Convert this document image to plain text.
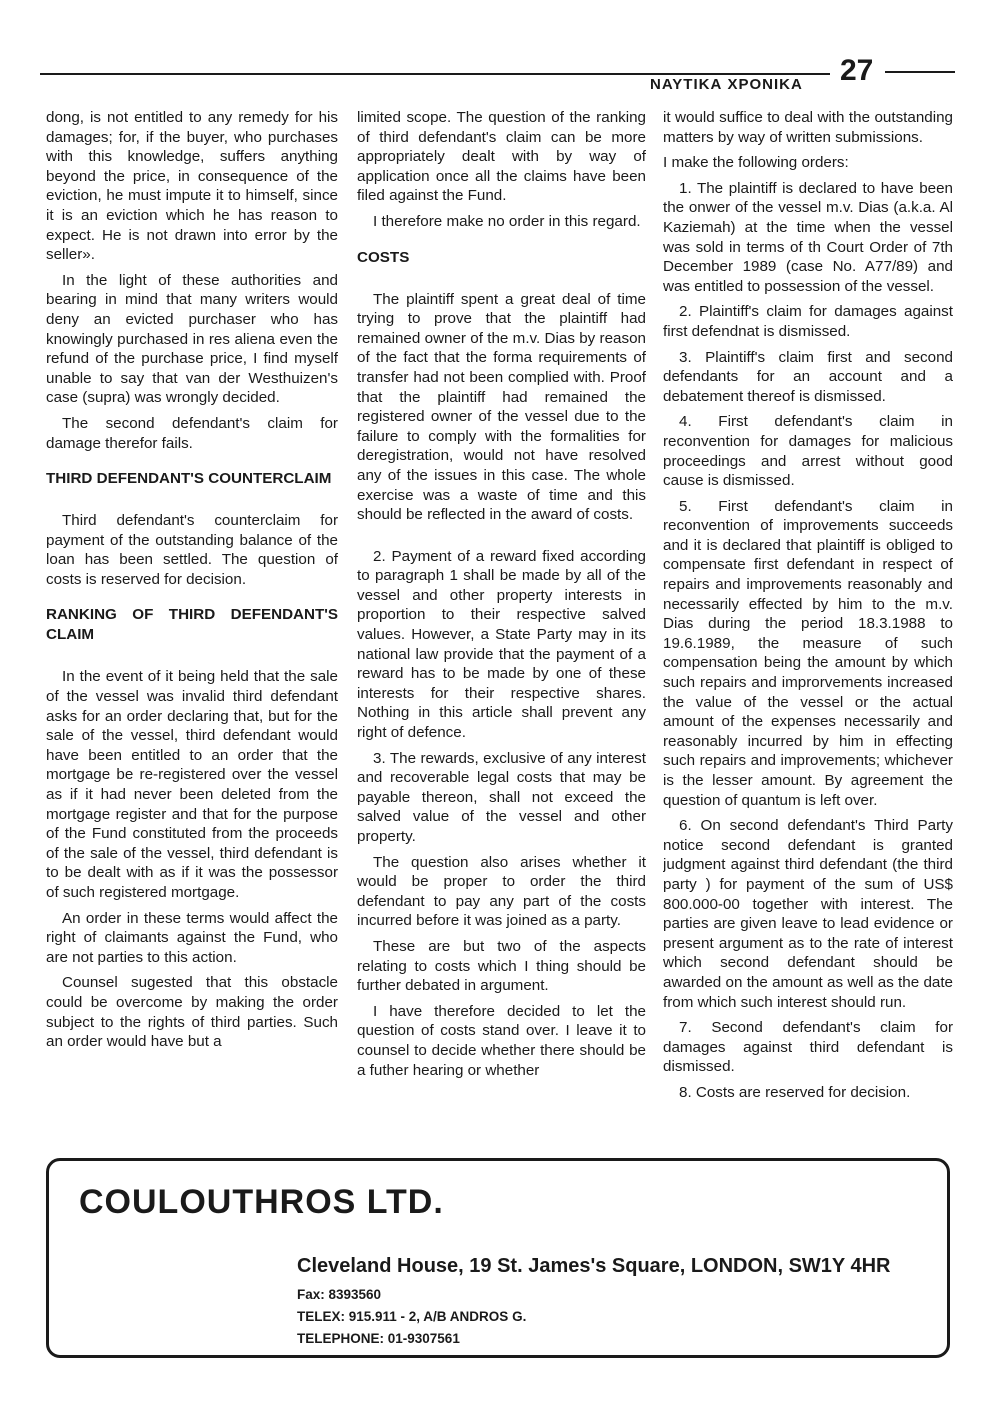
ΝΑΥΤΙΚΑ ΧΡΟΝΙΚΑ 27

dong, is not entitled to any remedy for his damages; for, if the buyer, who purchases with this knowledge, suffers anything beyond the price, in consequence of the eviction, he must impute it to himself, since it is an eviction which he has reason to expect. He is not drawn into error by the seller».

In the light of these authorities and bearing in mind that many writers would deny an evicted purchaser who has knowingly purchased in res aliena even the refund of the purchase price, I find myself unable to say that van der Westhuizen's case (supra) was wrongly decided.

The second defendant's claim for damage therefor fails.

THIRD DEFENDANT'S COUNTERCLAIM

Third defendant's counterclaim for payment of the outstanding balance of the loan has been settled. The question of costs is reserved for decision.

RANKING OF THIRD DEFENDANT'S CLAIM

In the event of it being held that the sale of the vessel was invalid third defendant asks for an order declaring that, but for the sale of the vessel, third defendant would have been entitled to an order that the mortgage be re-registered over the vessel as if it had never been deleted from the mortgage register and that for the purpose of the Fund constituted from the proceeds of the sale of the vessel, third defendant is to be dealt with as if it was the possessor of such registered mortgage.

An order in these terms would affect the right of claimants against the Fund, who are not parties to this action.

Counsel sugested that this obstacle could be overcome by making the order subject to the rights of third parties. Such an order would have but a

limited scope. The question of the ranking of third defendant's claim can be more appropriately dealt with by way of application once all the claims have been filed against the Fund.

I therefore make no order in this regard.

COSTS

The plaintiff spent a great deal of time trying to prove that the plaintiff had remained owner of the m.v. Dias by reason of the fact that the forma requirements of transfer had not been complied with. Proof that the plaintiff had remained the registered owner of the vessel due to the failure to comply with the formalities for deregistration, would not have resolved any of the issues in this case. The whole exercise was a waste of time and this should be reflected in the award of costs.

2. Payment of a reward fixed according to paragraph 1 shall be made by all of the vessel and other property interests in proportion to their respective salved values. However, a State Party may in its national law provide that the payment of a reward has to be made by one of these interests for their respective shares. Nothing in this article shall prevent any right of defence.

3. The rewards, exclusive of any interest and recoverable legal costs that may be payable thereon, shall not exceed the salved value of the vessel and other property.

The question also arises whether it would be proper to order the third defendant to pay any part of the costs incurred before it was joined as a party.

These are but two of the aspects relating to costs which I thing should be further debated in argument.

I have therefore decided to let the question of costs stand over. I leave it to counsel to decide whether there should be a futher hearing or whether

it would suffice to deal with the outstanding matters by way of written submissions.

I make the following orders:

1. The plaintiff is declared to have been the onwer of the vessel m.v. Dias (a.k.a. Al Kaziemah) at the time when the vessel was sold in terms of th Court Order of 7th December 1989 (case No. A77/89) and was entitled to possession of the vessel.

2. Plaintiff's claim for damages against first defendnat is dismissed.

3. Plaintiff's claim first and second defendants for an account and a debatement thereof is dismissed.

4. First defendant's claim in reconvention for damages for malicious proceedings and arrest without good cause is dismissed.

5. First defendant's claim in reconvention of improvements succeeds and it is declared that plaintiff is obliged to compensate first defendant in respect of repairs and improvements reasonably and necessarily effected by him to the m.v. Dias during the period 18.3.1988 to 19.6.1989, the measure of such compensation being the amount by which such repairs and improrvements increased the value of the vessel or the actual amount of the expenses necessarily and reasonably incurred by him in effecting such repairs and improvements; whichever is the lesser amount. By agreement the question of quantum is left over.

6. On second defendant's Third Party notice second defendant is granted judgment against third defendant (the third party ) for payment of the sum of US$ 800.000-00 together with interest. The parties are given leave to lead evidence or present argument as to the rate of interest which second defendant should be awarded on the amount as well as the date from which such interest should run.

7. Second defendant's claim for damages against third defendant is dismissed.

8. Costs are reserved for decision.

COULOUTHROS LTD.
Cleveland House, 19 St. James's Square, LONDON, SW1Y 4HR
Fax: 8393560
TELEX: 915.911 - 2, A/B ANDROS G.
TELEPHONE: 01-9307561
